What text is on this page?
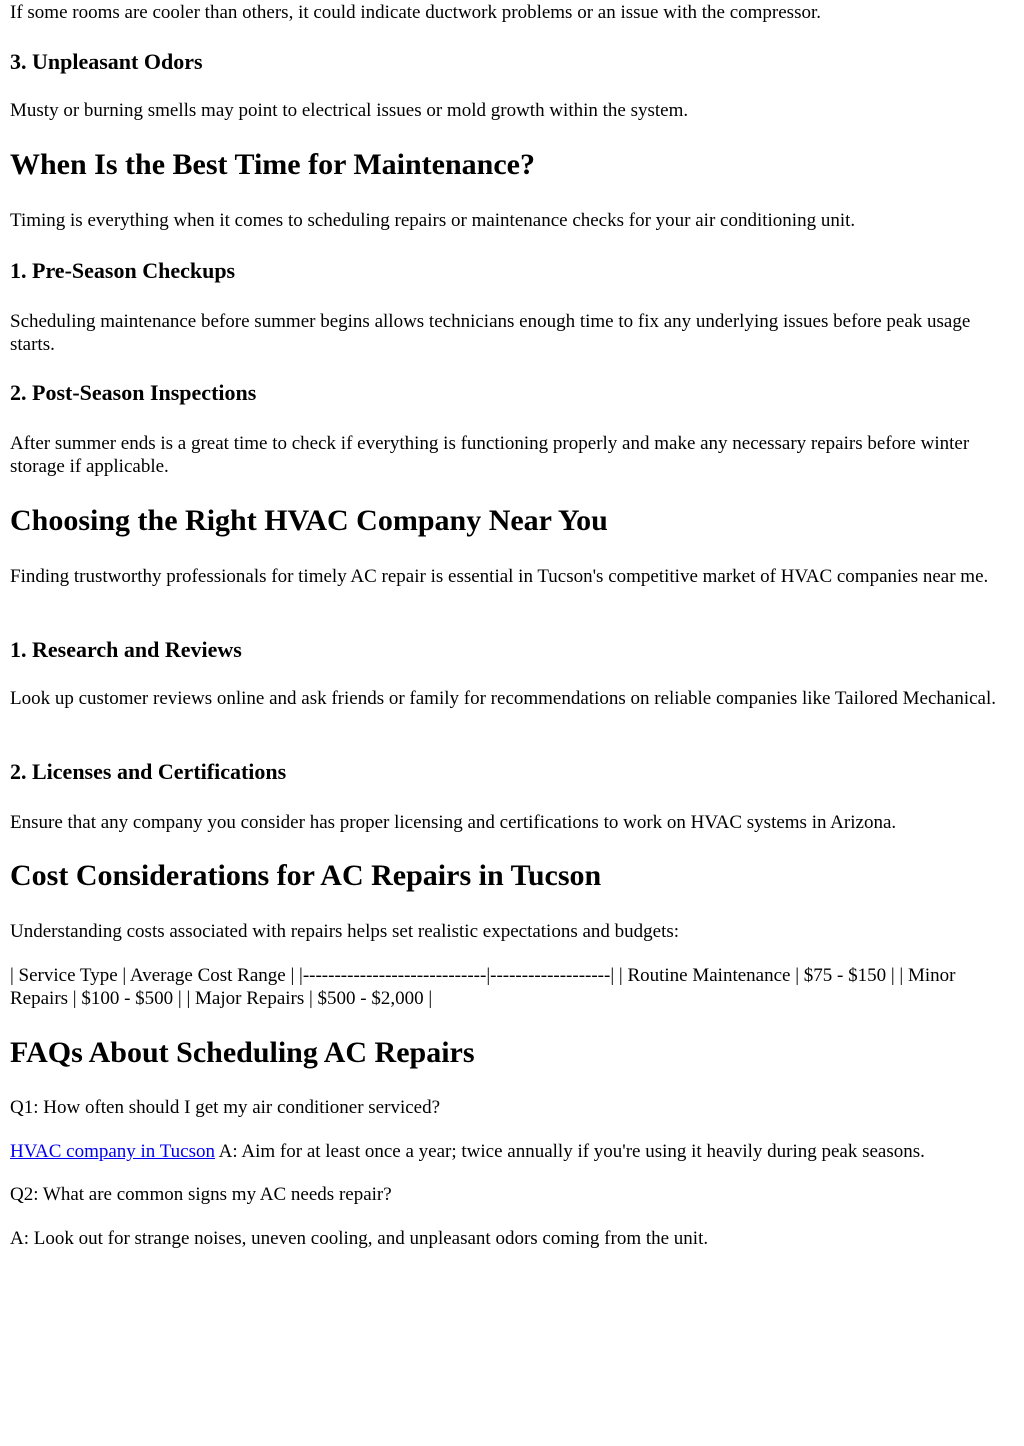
If some rooms are cooler than others, it could indicate ductwork problems or an issue with the compressor.

3. Unpleasant Odors

Musty or burning smells may point to electrical issues or mold growth within the system.

When Is the Best Time for Maintenance?

Timing is everything when it comes to scheduling repairs or maintenance checks for your air conditioning unit.

1. Pre-Season Checkups

Scheduling maintenance before summer begins allows technicians enough time to fix any underlying issues before peak usage starts.

2. Post-Season Inspections

After summer ends is a great time to check if everything is functioning properly and make any necessary repairs before winter storage if applicable.

Choosing the Right HVAC Company Near You

Finding trustworthy professionals for timely AC repair is essential in Tucson's competitive market of HVAC companies near me.

1. Research and Reviews

Look up customer reviews online and ask friends or family for recommendations on reliable companies like Tailored Mechanical.

2. Licenses and Certifications

Ensure that any company you consider has proper licensing and certifications to work on HVAC systems in Arizona.

Cost Considerations for AC Repairs in Tucson

Understanding costs associated with repairs helps set realistic expectations and budgets:

| Service Type | Average Cost Range | |-----------------------------|-------------------| | Routine Maintenance | $75 - $150 | | Minor Repairs | $100 - $500 | | Major Repairs | $500 - $2,000 |

FAQs About Scheduling AC Repairs

Q1: How often should I get my air conditioner serviced?

HVAC company in Tucson A: Aim for at least once a year; twice annually if you're using it heavily during peak seasons.

Q2: What are common signs my AC needs repair?

A: Look out for strange noises, uneven cooling, and unpleasant odors coming from the unit.
